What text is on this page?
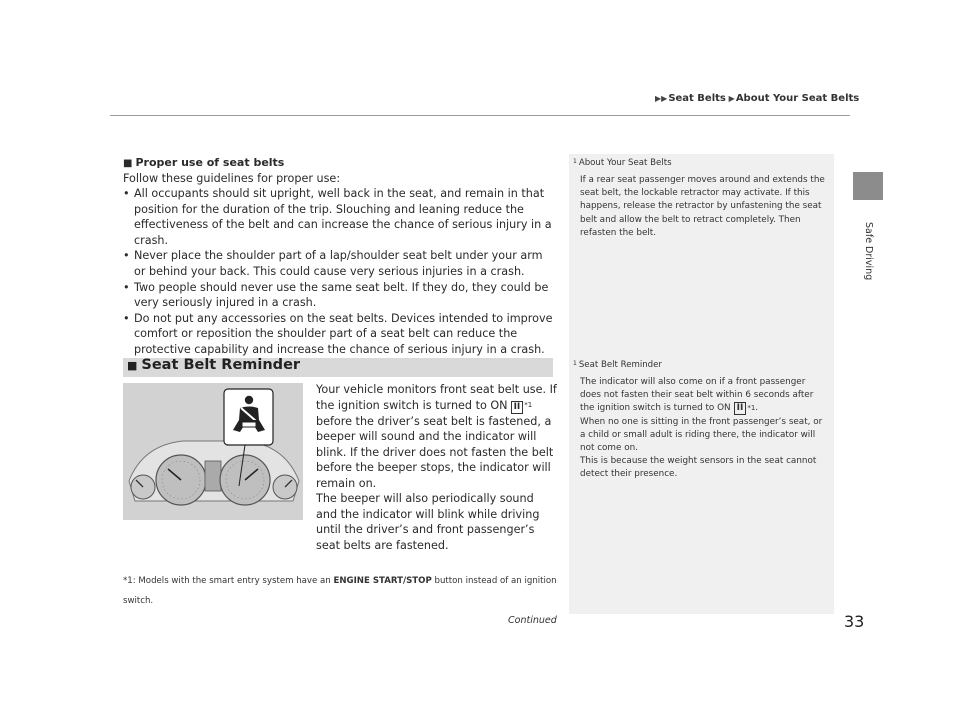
▶▶Seat Belts ▶About Your Seat Belts
Safe Driving
$^1$ About Your Seat Belts
If a rear seat passenger moves around and extends the seat belt, the lockable retractor may activate. If this happens, release the retractor by unfastening the seat belt and allow the belt to retract completely. Then refasten the belt.
$^1$ Seat Belt Reminder
The indicator will also come on if a front passenger does not fasten their seat belt within 6 seconds after the ignition switch is turned to ON II $^{*1}$.
When no one is sitting in the front passenger’s seat, or a child or small adult is riding there, the indicator will not come on.
This is because the weight sensors in the seat cannot detect their presence.
■ Proper use of seat belts
Follow these guidelines for proper use:
• All occupants should sit upright, well back in the seat, and remain in that position for the duration of the trip. Slouching and leaning reduce the effectiveness of the belt and can increase the chance of serious injury in a crash.
• Never place the shoulder part of a lap/shoulder seat belt under your arm or behind your back. This could cause very serious injuries in a crash.
• Two people should never use the same seat belt. If they do, they could be very seriously injured in a crash.
• Do not put any accessories on the seat belts. Devices intended to improve comfort or reposition the shoulder part of a seat belt can reduce the protective capability and increase the chance of serious injury in a crash.
■ Seat Belt Reminder
Your vehicle monitors front seat belt use. If the ignition switch is turned to ON II $^{*1}$ before the driver’s seat belt is fastened, a beeper will sound and the indicator will blink. If the driver does not fasten the belt before the beeper stops, the indicator will remain on.
The beeper will also periodically sound and the indicator will blink while driving until the driver’s and front passenger’s seat belts are fastened.
*1: Models with the smart entry system have an ENGINE START/STOP button instead of an ignition switch.
Continued	33
